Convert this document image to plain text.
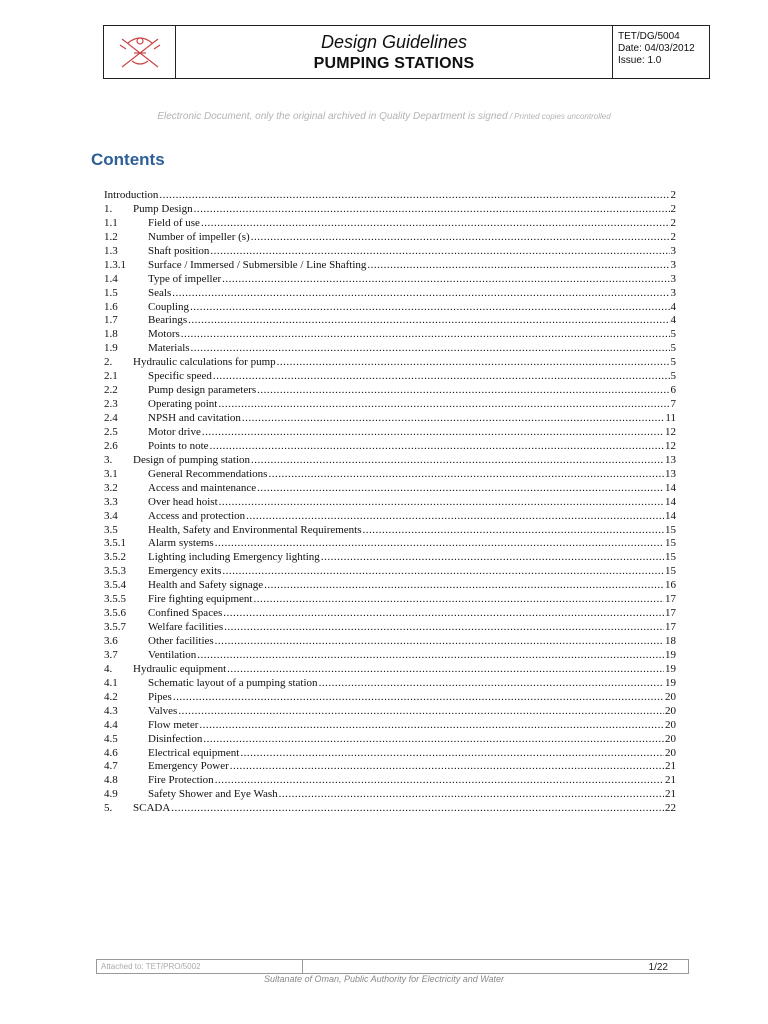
Design Guidelines
PUMPING STATIONS
TET/DG/5004
Date: 04/03/2012
Issue: 1.0
Electronic Document, only the original archived in Quality Department is signed / Printed copies uncontrolled
Contents
Introduction .....	2
1.	Pump Design .....	2
1.1	Field of use .....	2
1.2	Number of impeller (s) .....	2
1.3	Shaft position .....	3
1.3.1	Surface / Immersed / Submersible / Line Shafting .....	3
1.4	Type of impeller .....	3
1.5	Seals .....	3
1.6	Coupling .....	4
1.7	Bearings .....	4
1.8	Motors .....	5
1.9	Materials .....	5
2.	Hydraulic calculations for pump .....	5
2.1	Specific speed .....	5
2.2	Pump design parameters .....	6
2.3	Operating point .....	7
2.4	NPSH and cavitation .....	11
2.5	Motor drive .....	12
2.6	Points to note .....	12
3.	Design of pumping station .....	13
3.1	General Recommendations .....	13
3.2	Access and maintenance .....	14
3.3	Over head hoist .....	14
3.4	Access and protection .....	14
3.5	Health, Safety and Environmental Requirements .....	15
3.5.1	Alarm systems .....	15
3.5.2	Lighting including Emergency lighting .....	15
3.5.3	Emergency exits .....	15
3.5.4	Health and Safety signage .....	16
3.5.5	Fire fighting equipment .....	17
3.5.6	Confined Spaces .....	17
3.5.7	Welfare facilities .....	17
3.6	Other facilities .....	18
3.7	Ventilation .....	19
4.	Hydraulic equipment .....	19
4.1	Schematic layout of a pumping station .....	19
4.2	Pipes .....	20
4.3	Valves .....	20
4.4	Flow meter .....	20
4.5	Disinfection .....	20
4.6	Electrical equipment .....	20
4.7	Emergency Power .....	21
4.8	Fire Protection .....	21
4.9	Safety Shower and Eye Wash .....	21
5.	SCADA .....	22
Attached to: TET/PRO/5002	1/22
Sultanate of Oman, Public Authority for Electricity and Water
